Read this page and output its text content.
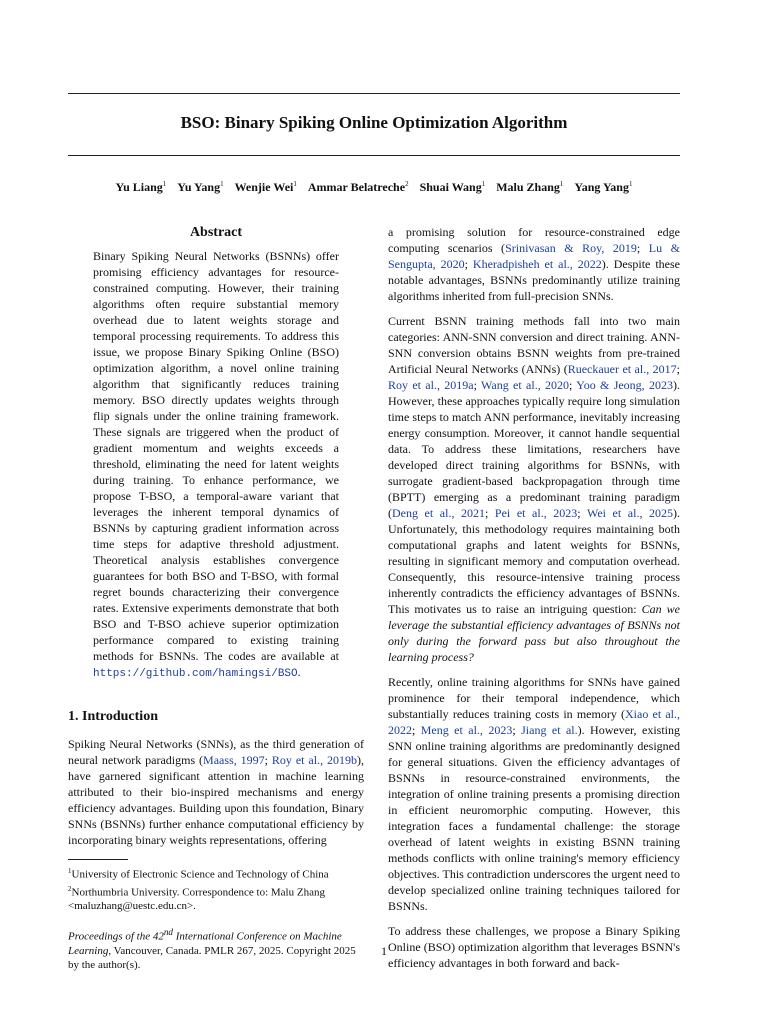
BSO: Binary Spiking Online Optimization Algorithm
Yu Liang$^1$ Yu Yang$^1$ Wenjie Wei$^1$ Ammar Belatreche$^2$ Shuai Wang$^1$ Malu Zhang$^1$ Yang Yang$^1$
Abstract

Binary Spiking Neural Networks (BSNNs) offer promising efficiency advantages for resource-constrained computing. However, their training algorithms often require substantial memory overhead due to latent weights storage and temporal processing requirements. To address this issue, we propose Binary Spiking Online (BSO) optimization algorithm, a novel online training algorithm that significantly reduces training memory. BSO directly updates weights through flip signals under the online training framework. These signals are triggered when the product of gradient momentum and weights exceeds a threshold, eliminating the need for latent weights during training. To enhance performance, we propose T-BSO, a temporal-aware variant that leverages the inherent temporal dynamics of BSNNs by capturing gradient information across time steps for adaptive threshold adjustment. Theoretical analysis establishes convergence guarantees for both BSO and T-BSO, with formal regret bounds characterizing their convergence rates. Extensive experiments demonstrate that both BSO and T-BSO achieve superior optimization performance compared to existing training methods for BSNNs. The codes are available at https://github.com/hamingsi/BSO.

1. Introduction

Spiking Neural Networks (SNNs), as the third generation of neural network paradigms (Maass, 1997; Roy et al., 2019b), have garnered significant attention in machine learning attributed to their bio-inspired mechanisms and energy efficiency advantages. Building upon this foundation, Binary SNNs (BSNNs) further enhance computational efficiency by incorporating binary weights representations, offering

$^1$University of Electronic Science and Technology of China
$^2$Northumbria University. Correspondence to: Malu Zhang <maluzhang@uestc.edu.cn>.
Proceedings of the 42nd International Conference on Machine Learning, Vancouver, Canada. PMLR 267, 2025. Copyright 2025 by the author(s).

a promising solution for resource-constrained edge computing scenarios (Srinivasan & Roy, 2019; Lu & Sengupta, 2020; Kheradpisheh et al., 2022). Despite these notable advantages, BSNNs predominantly utilize training algorithms inherited from full-precision SNNs.

Current BSNN training methods fall into two main categories: ANN-SNN conversion and direct training. ANN-SNN conversion obtains BSNN weights from pre-trained Artificial Neural Networks (ANNs) (Rueckauer et al., 2017; Roy et al., 2019a; Wang et al., 2020; Yoo & Jeong, 2023). However, these approaches typically require long simulation time steps to match ANN performance, inevitably increasing energy consumption. Moreover, it cannot handle sequential data. To address these limitations, researchers have developed direct training algorithms for BSNNs, with surrogate gradient-based backpropagation through time (BPTT) emerging as a predominant training paradigm (Deng et al., 2021; Pei et al., 2023; Wei et al., 2025). Unfortunately, this methodology requires maintaining both computational graphs and latent weights for BSNNs, resulting in significant memory and computation overhead. Consequently, this resource-intensive training process inherently contradicts the efficiency advantages of BSNNs. This motivates us to raise an intriguing question: Can we leverage the substantial efficiency advantages of BSNNs not only during the forward pass but also throughout the learning process?

Recently, online training algorithms for SNNs have gained prominence for their temporal independence, which substantially reduces training costs in memory (Xiao et al., 2022; Meng et al., 2023; Jiang et al.). However, existing SNN online training algorithms are predominantly designed for general situations. Given the efficiency advantages of BSNNs in resource-constrained environments, the integration of online training presents a promising direction in efficient neuromorphic computing. However, this integration faces a fundamental challenge: the storage overhead of latent weights in existing BSNN training methods conflicts with online training's memory efficiency objectives. This contradiction underscores the urgent need to develop specialized online training techniques tailored for BSNNs.

To address these challenges, we propose a Binary Spiking Online (BSO) optimization algorithm that leverages BSNN's efficiency advantages in both forward and back-

1
